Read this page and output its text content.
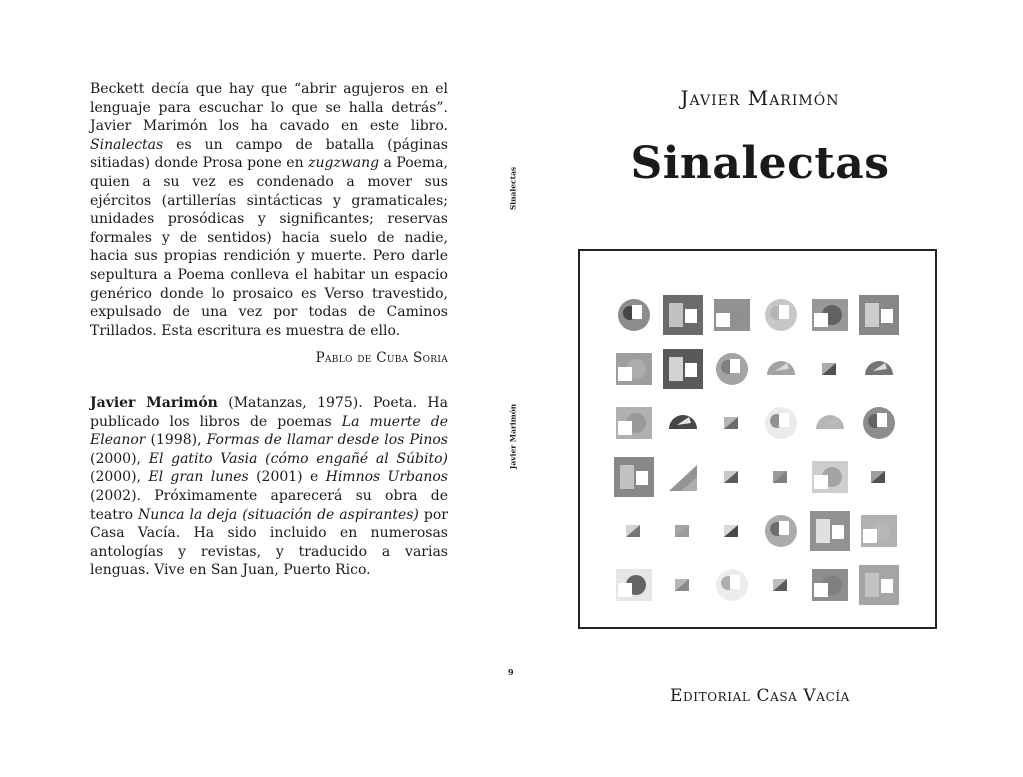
Beckett decía que hay que “abrir agujeros en el lenguaje para escuchar lo que se halla detrás”. Javier Marimón los ha cavado en este libro. Sinalectas es un campo de batalla (páginas sitiadas) donde Prosa pone en zugzwang a Poema, quien a su vez es condenado a mover sus ejércitos (artillerías sintácticas y gramaticales; unidades prosódicas y significantes; reservas formales y de sentidos) hacia suelo de nadie, hacia sus propias rendición y muerte. Pero darle sepultura a Poema conlleva el habitar un espacio genérico donde lo prosaico es Verso travestido, expulsado de una vez por todas de Caminos Trillados. Esta escritura es muestra de ello.

Pablo de Cuba Soria

Javier Marimón (Matanzas, 1975). Poeta. Ha publicado los libros de poemas La muerte de Eleanor (1998), Formas de llamar desde los Pinos (2000), El gatito Vasia (cómo engañé al Súbito) (2000), El gran lunes (2001) e Himnos Urbanos (2002). Próximamente aparecerá su obra de teatro Nunca la deja (situación de aspirantes) por Casa Vacía. Ha sido incluido en numerosas antologías y revistas, y traducido a varias lenguas. Vive en San Juan, Puerto Rico.

Sinalectas
Javier Marimón
9
Javier Marimón
Sinalectas
Editorial Casa Vacía
